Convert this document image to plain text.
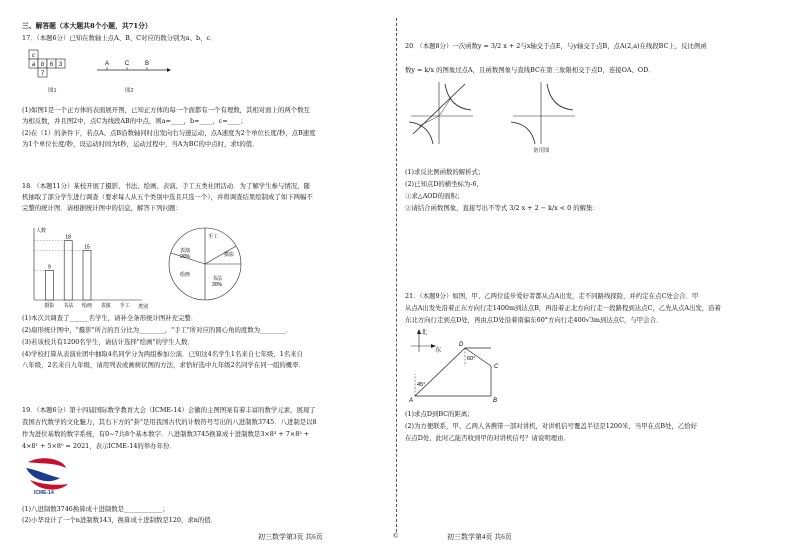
三、解答题（本大题共8个小题，共71分）
17．（本题6分）已知在数轴上点A、B、C对应的数分别为a、b、c．
c
a b 6 3
7
图1
A	C	B
图2
(1)如图1是一个正方体的表面展开图，已知正方体的每一个面都有一个有理数，其相对面上的两个数互
为相反数，并且图2中，点C为线段AB的中点，则a=____，b=____，c=____；
(2)在（1）的条件下，若点A、点B沿数轴同时出发向右匀速运动，点A速度为2个单位长度/秒，点B速度
为1个单位长度/秒，设运动时间为t秒，运动过程中，当A为BC的中点时，求t的值．
18．（本题11分）某校开展了摄影、书法、绘画、表演、手工五类社团活动．为了解学生参与情况，随
机抽取了部分学生进行调查（要求每人从五个类别中选且只选一个），并将调查结果绘制成了如下两幅不
完整的统计图．请根据统计图中的信息，解答下列问题：
人数
类别
9
摄影
18
书法
15
绘画 表演 手工
表演
20%
手工
摄影
书法
30%
绘画
(1)本次共调查了______名学生，请补全条形统计图补充完整．
(2)扇形统计图中，"摄影"所占的百分比为________，"手工"所对应的圆心角的度数为________．
(3)若该校共有1200名学生，请估计选择"绘画"的学生人数．
(4)学校打算从表演社团中抽取4名同学分为两组参加公演．已知这4名学生1名来自七年级，1名来自
八年级，2名来自九年级，请用列表或画树状图的方法，求恰好选中九年级2名同学在同一组的概率．
19．（本题6分）第十四届国际数学教育大会（ICME-14）会徽的主图图案有着丰富的数学元素，展现了
我国古代数学的文化魅力，其右下方的"卦"是用我国古代的计数符号写出的八进制数3745．八进制是以8
作为进位基数的数字系统，有0~7共8个基本数字．八进制数3745换算成十进制数是3×8³ + 7×8² +
4×8¹ + 5×8⁰ = 2021，表示ICME-14的举办年份．
ICME-14
(1)八进制数3746换算成十进制数是____________；
(2)小华设计了一个n进制数143，换算成十进制数是120，求n的值．
初三数学第3页 共6页	©
20．（本题8分）一次函数y = 3/2 x + 2与x轴交于点E，与y轴交于点B，点A(2,a)在线段BC上，反比例函
数y = k/x 的图象过点A，且函数图象与直线BC在第三象限相交于点D，连接OA、OD．
备用图
(1)求反比例函数的解析式；
(2)已知点D的横坐标为-6，
①求△AOD的面积；
②请结合函数图象，直接写出不等式 3/2 x + 2 − k/x < 0 的解集：
21．（本题9分）如图，甲、乙两位徒步爱好者都从点A出发，走不同路线探险，并约定在点C处会合．甲
从点A出发先沿着正东方向行走1400m到达点B，再沿着正北方向行走一段路程到达点C，乙先从点A出发，沿着
东北方向行走到点D处，再由点D处沿着南偏东60°方向行走400√3m到达点C，与甲会合．
北
东
45°
60°
A	B
C
D
(1)求点D到BC的距离；
(2)为方便联系，甲、乙两人各携带一部对讲机，对讲机信号覆盖半径是1200米，当甲在点B处，乙恰好
在点D处，此时乙能否收到甲的对讲机信号？请说明理由．
初三数学第4页 共6页
